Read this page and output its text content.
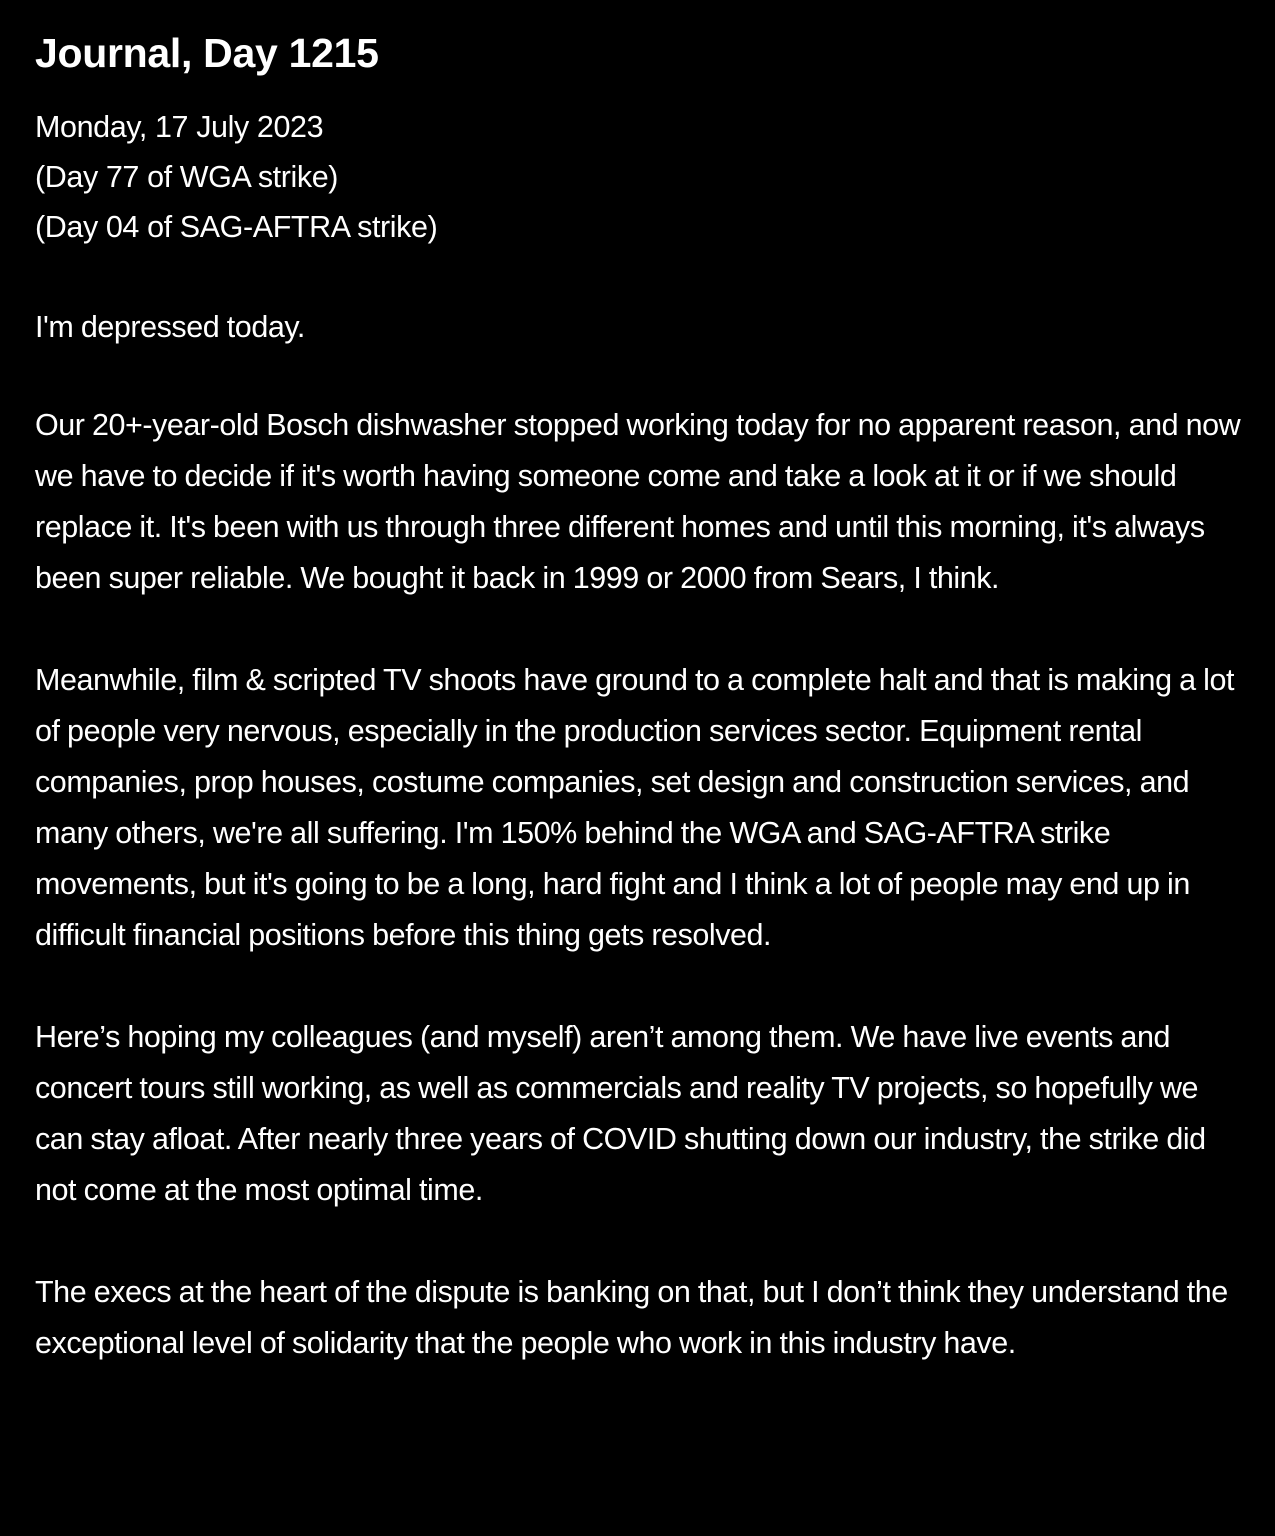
Journal, Day 1215
Monday, 17 July 2023
(Day 77 of WGA strike)
(Day 04 of SAG-AFTRA strike)

I'm depressed today.

Our 20+-year-old Bosch dishwasher stopped working today for no apparent reason, and now we have to decide if it's worth having someone come and take a look at it or if we should replace it. It's been with us through three different homes and until this morning, it's always been super reliable. We bought it back in 1999 or 2000 from Sears, I think.

Meanwhile, film & scripted TV shoots have ground to a complete halt and that is making a lot of people very nervous, especially in the production services sector. Equipment rental companies, prop houses, costume companies, set design and construction services, and many others, we're all suffering. I'm 150% behind the WGA and SAG-AFTRA strike movements, but it's going to be a long, hard fight and I think a lot of people may end up in difficult financial positions before this thing gets resolved.

Here’s hoping my colleagues (and myself) aren’t among them. We have live events and concert tours still working, as well as commercials and reality TV projects, so hopefully we can stay afloat. After nearly three years of COVID shutting down our industry, the strike did not come at the most optimal time.

The execs at the heart of the dispute is banking on that, but I don’t think they understand the exceptional level of solidarity that the people who work in this industry have.
